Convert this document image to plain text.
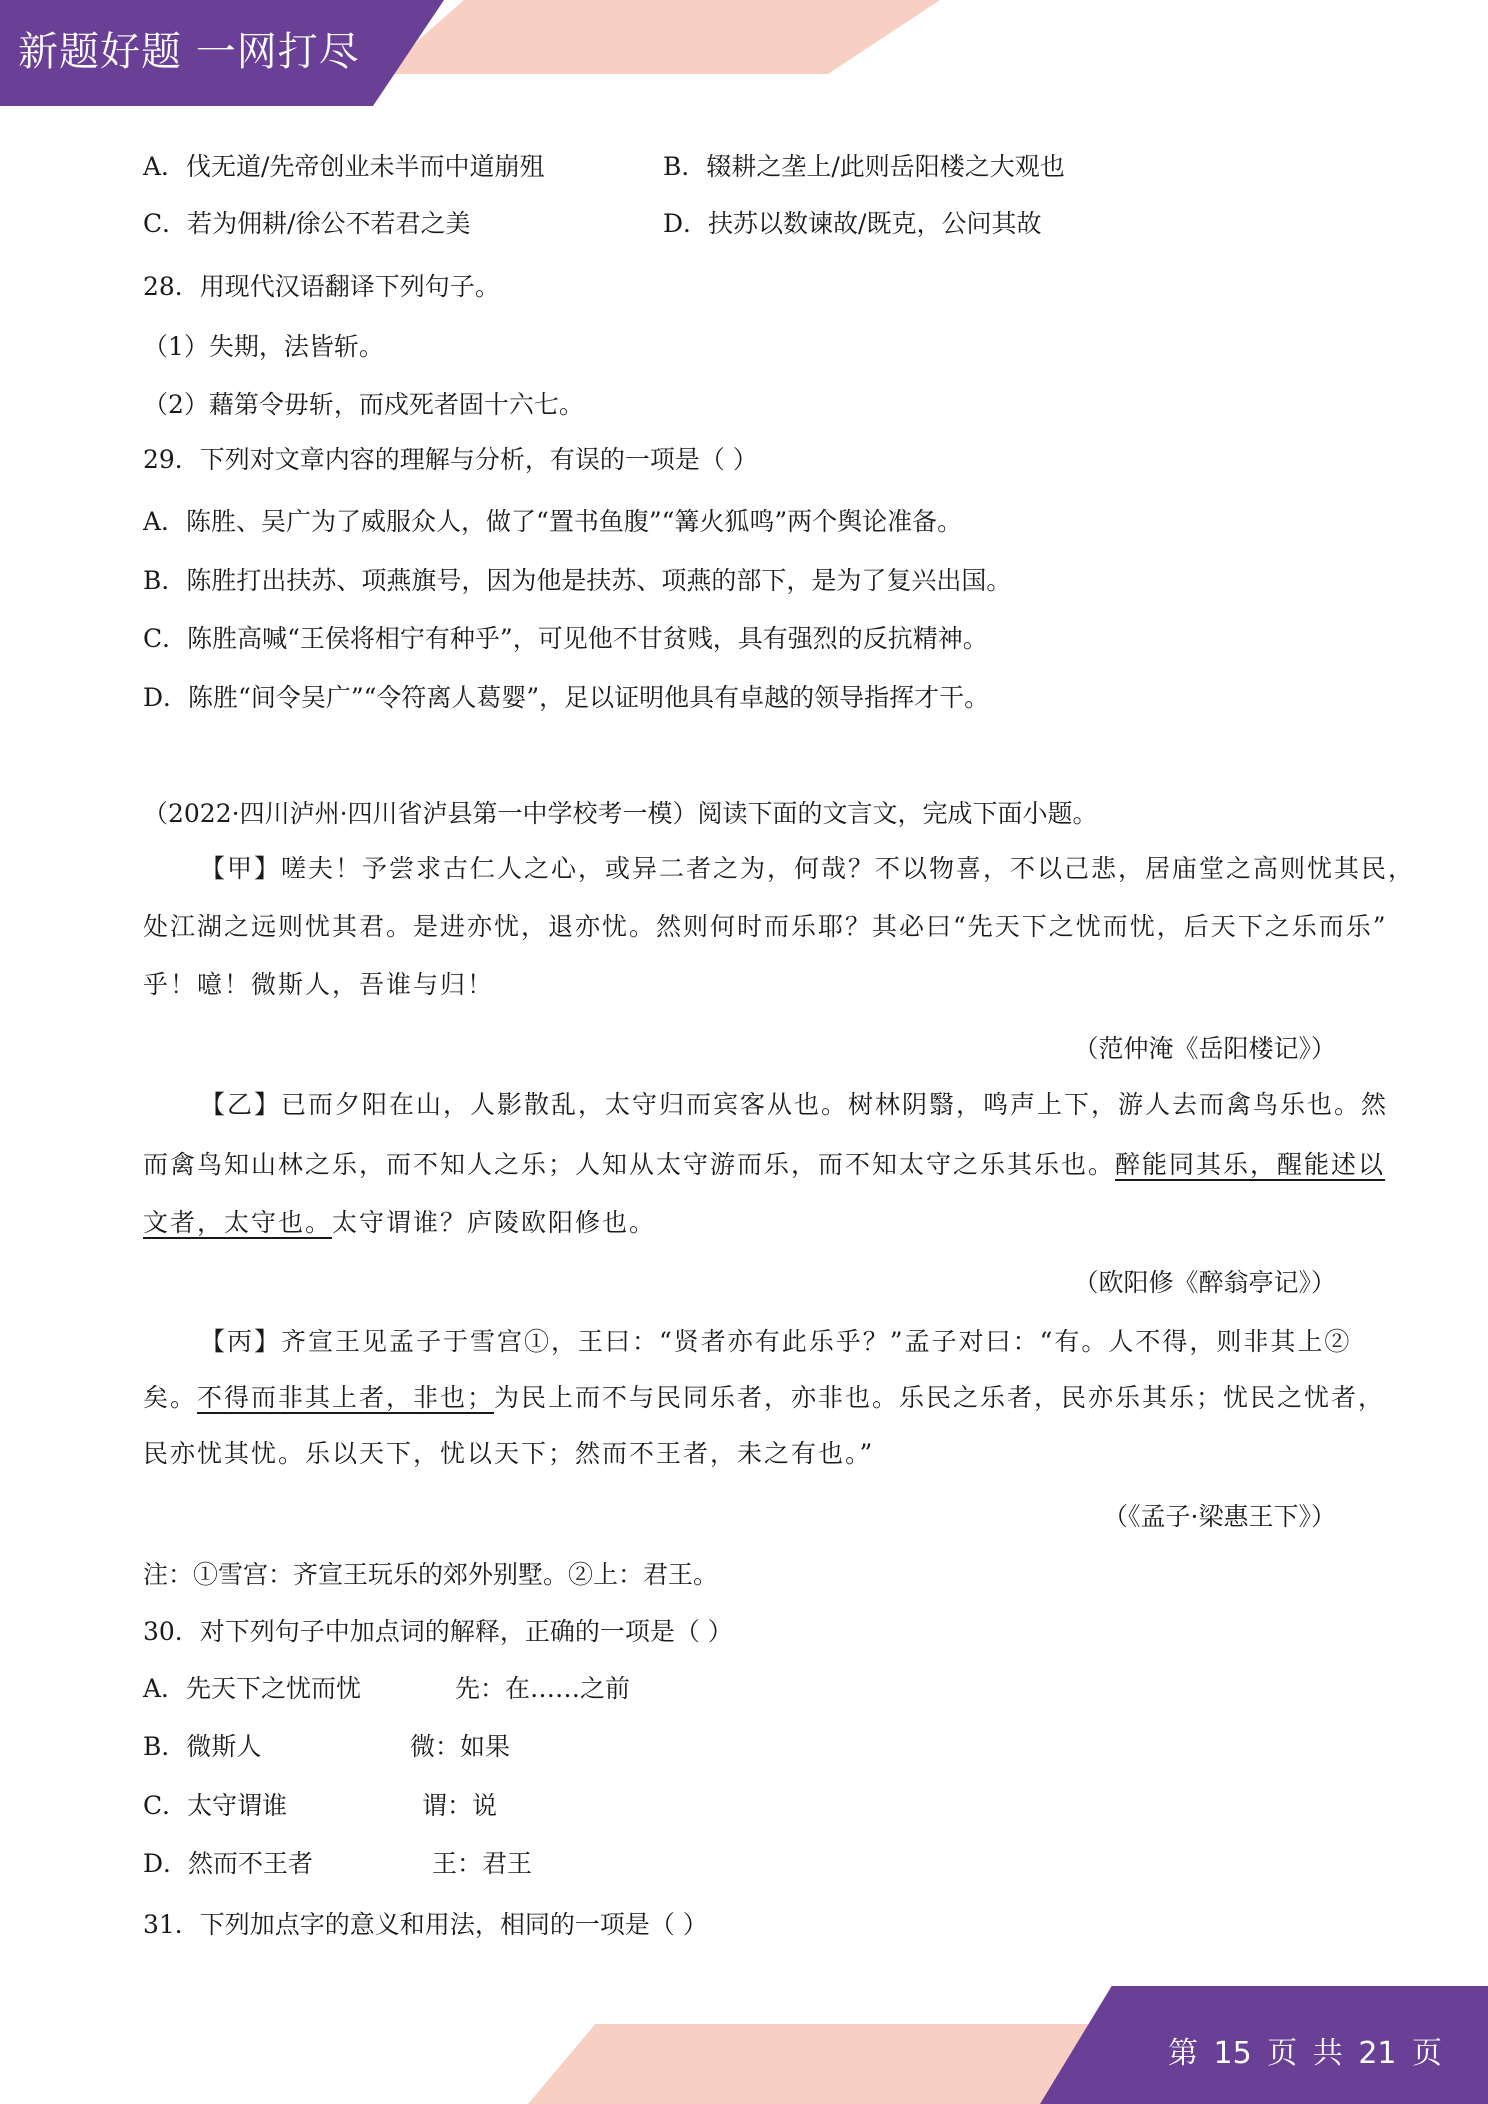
新题好题 一网打尽
A．伐无道/先帝创业未半而中道崩殂	B．辍耕之垄上/此则岳阳楼之大观也
C．若为佣耕/徐公不若君之美	D．扶苏以数谏故/既克，公问其故
28．用现代汉语翻译下列句子。
（1）失期，法皆斩。
（2）藉第令毋斩，而戍死者固十六七。
29．下列对文章内容的理解与分析，有误的一项是（ ）
A．陈胜、吴广为了威服众人，做了“置书鱼腹”“篝火狐鸣”两个舆论准备。
B．陈胜打出扶苏、项燕旗号，因为他是扶苏、项燕的部下，是为了复兴出国。
C．陈胜高喊“王侯将相宁有种乎”，可见他不甘贫贱，具有强烈的反抗精神。
D．陈胜“间令吴广”“令符离人葛婴”，足以证明他具有卓越的领导指挥才干。
（2022·四川泸州·四川省泸县第一中学校考一模）阅读下面的文言文，完成下面小题。
【甲】嗟夫！予尝求古仁人之心，或异二者之为，何哉？不以物喜，不以己悲，居庙堂之高则忧其民，
处江湖之远则忧其君。是进亦忧，退亦忧。然则何时而乐耶？其必曰“先天下之忧而忧，后天下之乐而乐”
乎！噫！微斯人，吾谁与归！
（范仲淹《岳阳楼记》）
【乙】已而夕阳在山，人影散乱，太守归而宾客从也。树林阴翳，鸣声上下，游人去而禽鸟乐也。然
而禽鸟知山林之乐，而不知人之乐；人知从太守游而乐，而不知太守之乐其乐也。醉能同其乐，醒能述以
文者，太守也。太守谓谁？庐陵欧阳修也。
（欧阳修《醉翁亭记》）
【丙】齐宣王见孟子于雪宫①，王曰：“贤者亦有此乐乎？”孟子对曰：“有。人不得，则非其上②
矣。不得而非其上者，非也；为民上而不与民同乐者，亦非也。乐民之乐者，民亦乐其乐；忧民之忧者，
民亦忧其忧。乐以天下，忧以天下；然而不王者，未之有也。”
（《孟子·梁惠王下》）
注：①雪宫：齐宣王玩乐的郊外别墅。②上：君王。
30．对下列句子中加点词的解释，正确的一项是（ ）
A．先天下之忧而忧	先：在……之前
B．微斯人	微：如果
C．太守谓谁	谓：说
D．然而不王者	王：君王
31．下列加点字的意义和用法，相同的一项是（ ）
第 15 页 共 21 页
